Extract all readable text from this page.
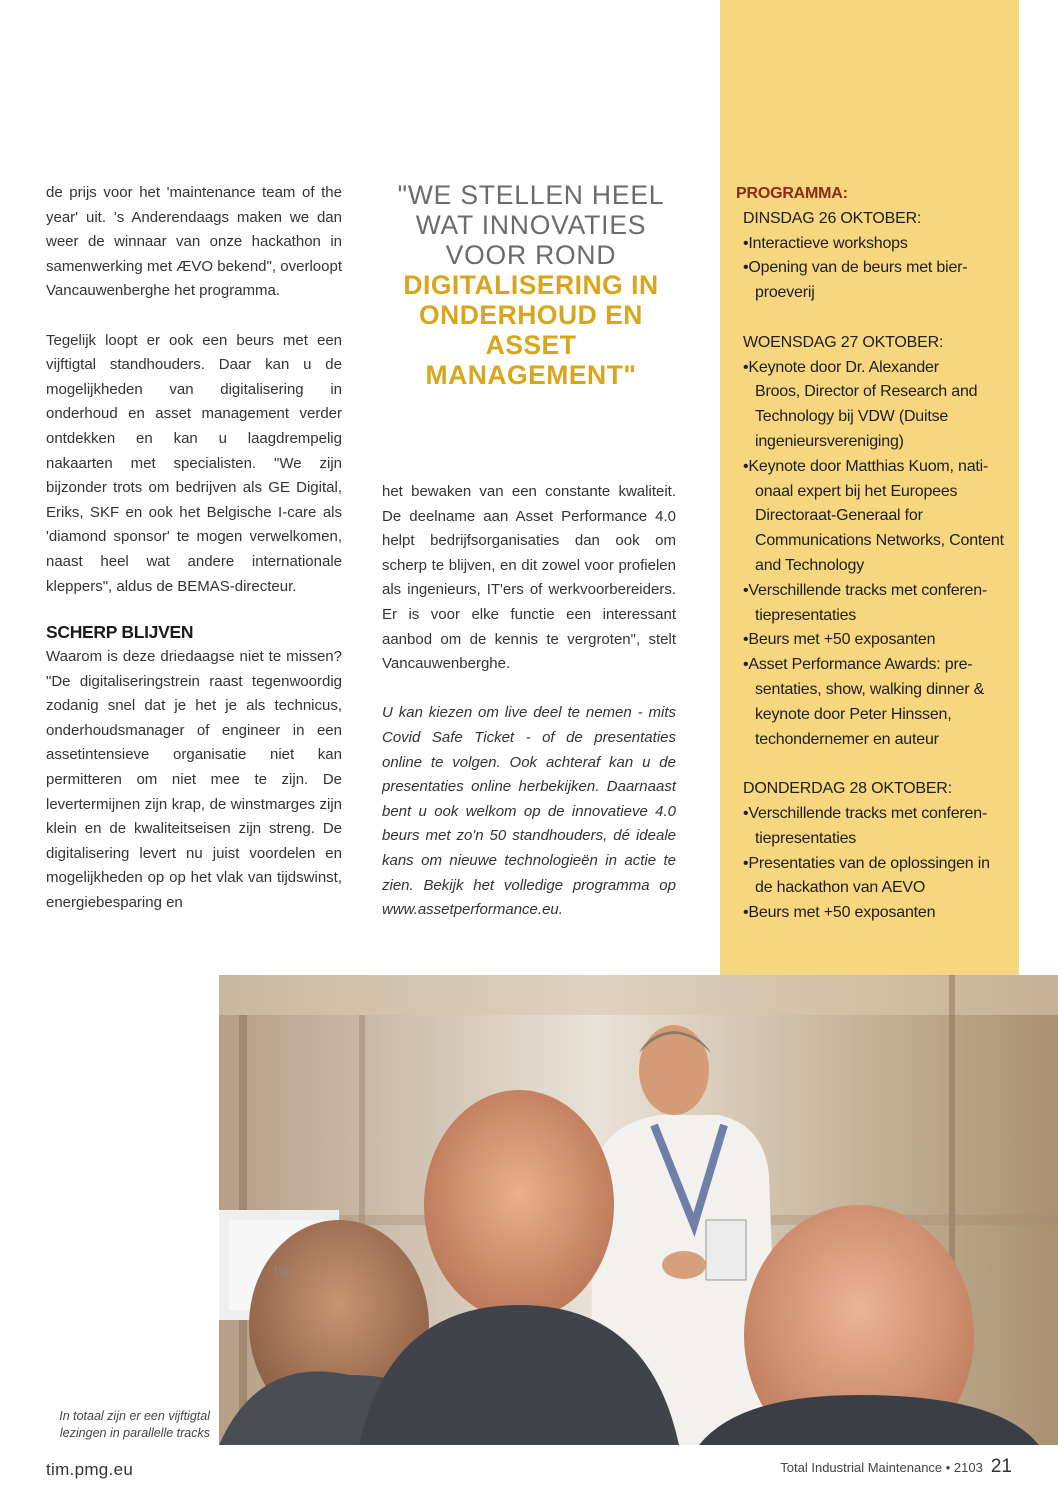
de prijs voor het 'maintenance team of the year' uit. 's Anderendaags maken we dan weer de winnaar van onze hackathon in samenwerking met ÆVO bekend", overloopt Vancauwenberghe het programma.

Tegelijk loopt er ook een beurs met een vijftigtal standhouders. Daar kan u de mogelijkheden van digitalisering in onderhoud en asset management verder ontdekken en kan u laagdrempelig nakaarten met specialisten. "We zijn bijzonder trots om bedrijven als GE Digital, Eriks, SKF en ook het Belgische I-care als 'diamond sponsor' te mogen verwelkomen, naast heel wat andere internationale kleppers", aldus de BEMAS-directeur.

SCHERP BLIJVEN

Waarom is deze driedaagse niet te missen? "De digitaliseringstrein raast tegenwoordig zodanig snel dat je het je als technicus, onderhoudsmanager of engineer in een assetintensieve organisatie niet kan permitteren om niet mee te zijn. De levertermijnen zijn krap, de winstmarges zijn klein en de kwaliteitseisen zijn streng. De digitalisering levert nu juist voordelen en mogelijkheden op op het vlak van tijdswinst, energiebesparing en

"WE STELLEN HEEL WAT INNOVATIES VOOR ROND
DIGITALISERING IN ONDERHOUD EN ASSET MANAGEMENT"

het bewaken van een constante kwaliteit. De deelname aan Asset Performance 4.0 helpt bedrijfsorganisaties dan ook om scherp te blijven, en dit zowel voor profielen als ingenieurs, IT'ers of werkvoorbereiders. Er is voor elke functie een interessant aanbod om de kennis te vergroten", stelt Vancauwenberghe.

U kan kiezen om live deel te nemen - mits Covid Safe Ticket - of de presentaties online te volgen. Ook achteraf kan u de presentaties online herbekijken. Daarnaast bent u ook welkom op de innovatieve 4.0 beurs met zo'n 50 standhouders, dé ideale kans om nieuwe technologieën in actie te zien. Bekijk het volledige programma op www.assetperformance.eu.

PROGRAMMA:
DINSDAG 26 OKTOBER:
•Interactieve workshops
•Opening van de beurs met bier-
proeverij
WOENSDAG 27 OKTOBER:
•Keynote door Dr. Alexander
Broos, Director of Research and Technology bij VDW (Duitse ingenieursvereniging)
•Keynote door Matthias Kuom, nati-
onaal expert bij het Europees Directoraat-Generaal for Communications Networks, Content and Technology
•Verschillende tracks met conferen-
tiepresentaties
•Beurs met +50 exposanten
•Asset Performance Awards: pre-
sentaties, show, walking dinner & keynote door Peter Hinssen, techondernemer en auteur
DONDERDAG 28 OKTOBER:
•Verschillende tracks met conferen-
tiepresentaties
•Presentaties van de oplossingen in
de hackathon van AEVO
•Beurs met +50 exposanten
hp
In totaal zijn er een vijftigtal
lezingen in parallelle tracks
tim.pmg.eu	Total Industrial Maintenance • 2103 21
